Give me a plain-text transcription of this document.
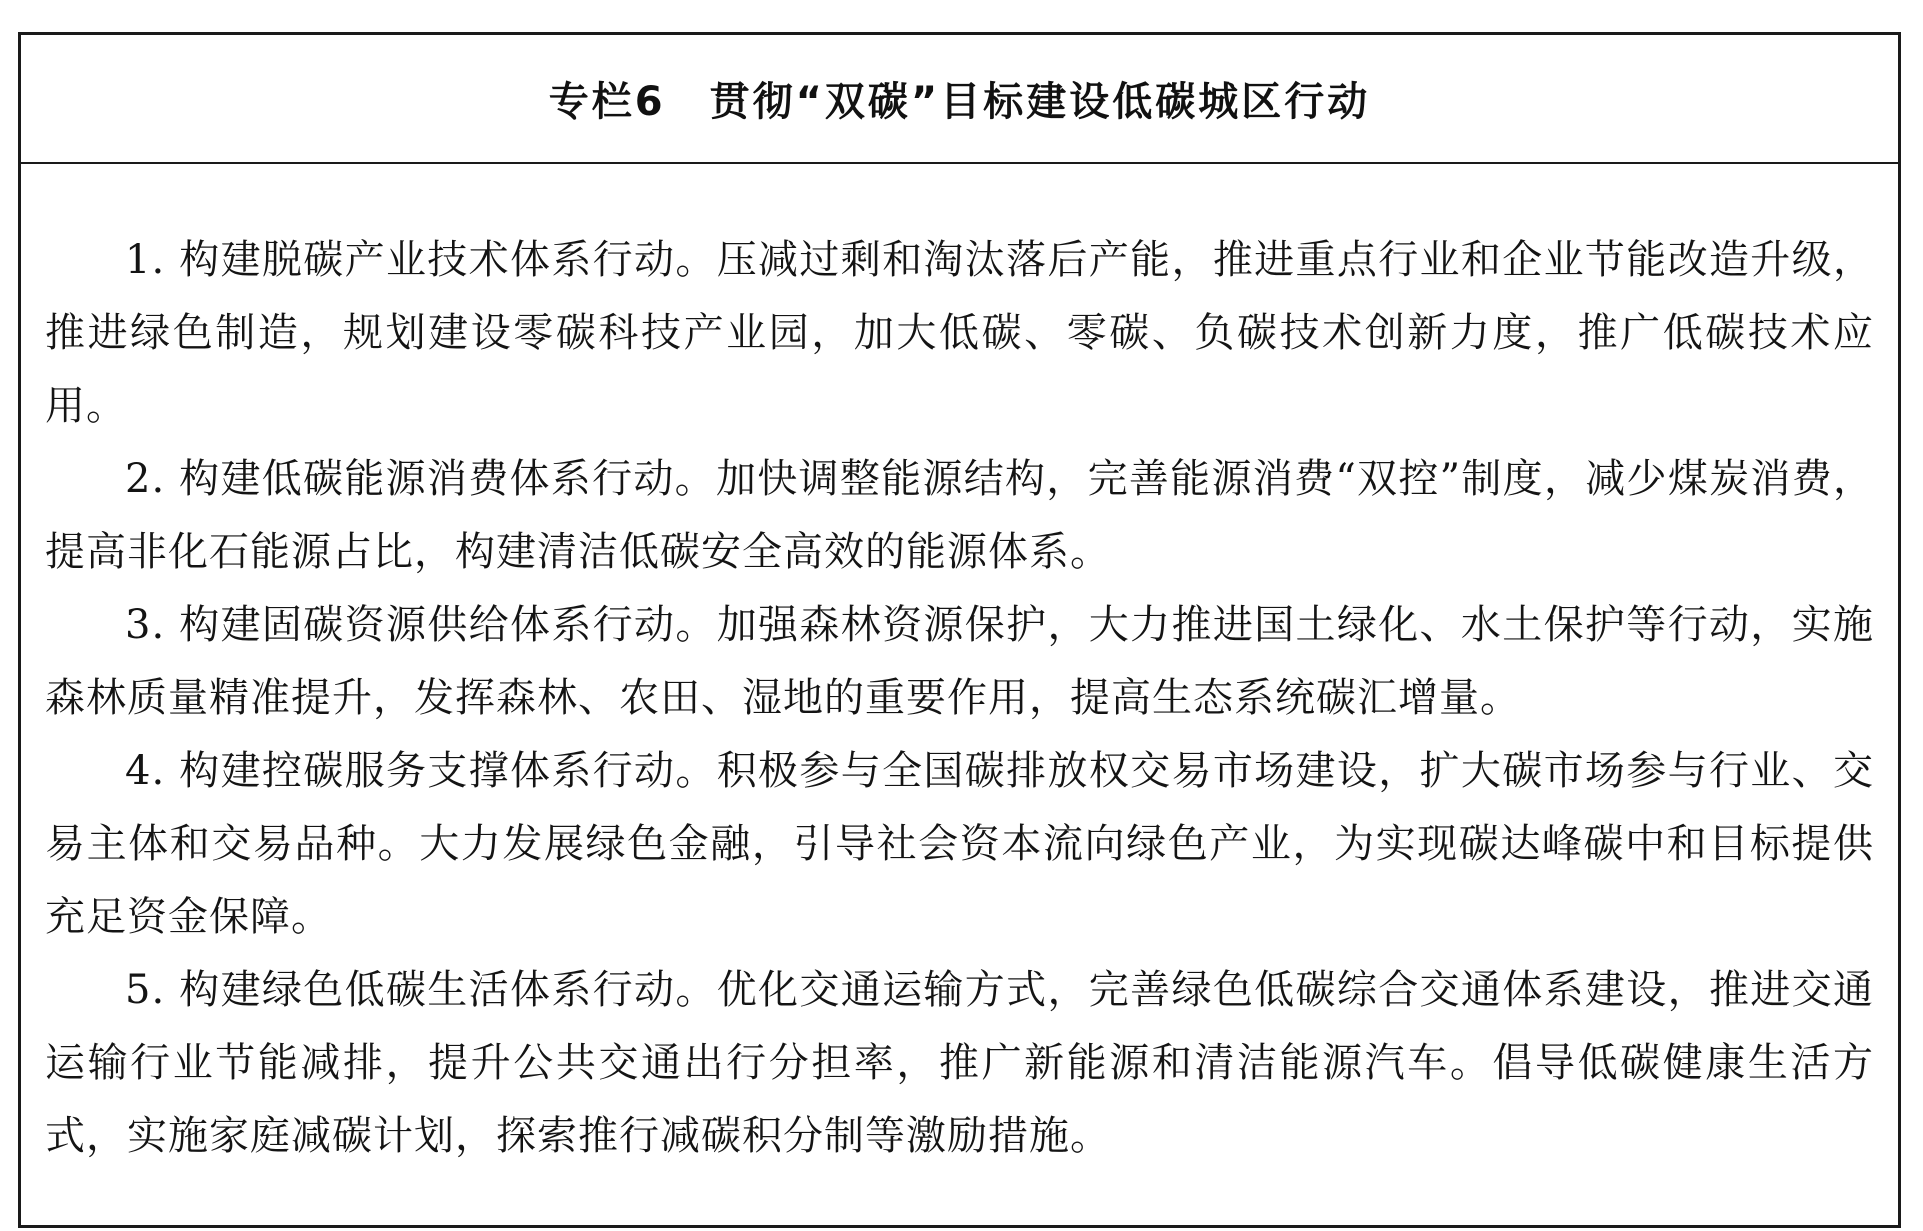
专栏6 贯彻“双碳”目标建设低碳城区行动

1. 构建脱碳产业技术体系行动。压减过剩和淘汰落后产能，推进重点行业和企业节能改造升级，推进绿色制造，规划建设零碳科技产业园，加大低碳、零碳、负碳技术创新力度，推广低碳技术应用。

2. 构建低碳能源消费体系行动。加快调整能源结构，完善能源消费“双控”制度，减少煤炭消费，提高非化石能源占比，构建清洁低碳安全高效的能源体系。

3. 构建固碳资源供给体系行动。加强森林资源保护，大力推进国土绿化、水土保护等行动，实施森林质量精准提升，发挥森林、农田、湿地的重要作用，提高生态系统碳汇增量。

4. 构建控碳服务支撑体系行动。积极参与全国碳排放权交易市场建设，扩大碳市场参与行业、交易主体和交易品种。大力发展绿色金融，引导社会资本流向绿色产业，为实现碳达峰碳中和目标提供充足资金保障。

5. 构建绿色低碳生活体系行动。优化交通运输方式，完善绿色低碳综合交通体系建设，推进交通运输行业节能减排，提升公共交通出行分担率，推广新能源和清洁能源汽车。倡导低碳健康生活方式，实施家庭减碳计划，探索推行减碳积分制等激励措施。
